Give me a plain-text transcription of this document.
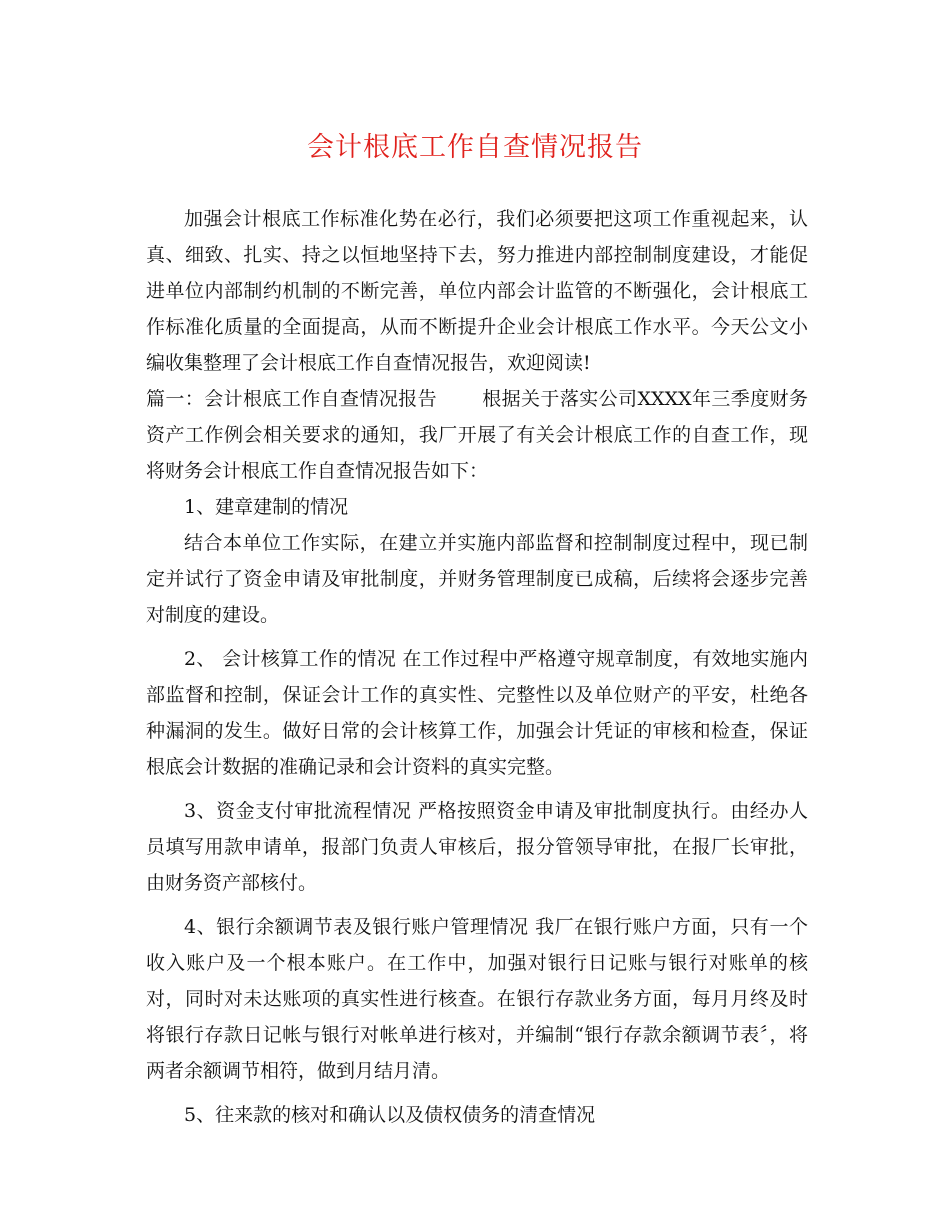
会计根底工作自查情况报告

加强会计根底工作标准化势在必行，我们必须要把这项工作重视起来，认真、细致、扎实、持之以恒地坚持下去，努力推进内部控制制度建设，才能促进单位内部制约机制的不断完善，单位内部会计监管的不断强化，会计根底工作标准化质量的全面提高，从而不断提升企业会计根底工作水平。今天公文小编收集整理了会计根底工作自查情况报告，欢迎阅读!

篇一：会计根底工作自查情况报告 根据关于落实公司XXXX年三季度财务资产工作例会相关要求的通知，我厂开展了有关会计根底工作的自查工作，现将财务会计根底工作自查情况报告如下：

1、建章建制的情况

结合本单位工作实际，在建立并实施内部监督和控制制度过程中，现已制定并试行了资金申请及审批制度，并财务管理制度已成稿，后续将会逐步完善对制度的建设。

2、 会计核算工作的情况 在工作过程中严格遵守规章制度，有效地实施内部监督和控制，保证会计工作的真实性、完整性以及单位财产的平安，杜绝各种漏洞的发生。做好日常的会计核算工作，加强会计凭证的审核和检查，保证根底会计数据的准确记录和会计资料的真实完整。

3、资金支付审批流程情况 严格按照资金申请及审批制度执行。由经办人员填写用款申请单，报部门负责人审核后，报分管领导审批，在报厂长审批，由财务资产部核付。

4、银行余额调节表及银行账户管理情况 我厂在银行账户方面，只有一个收入账户及一个根本账户。在工作中，加强对银行日记账与银行对账单的核对，同时对未达账项的真实性进行核查。在银行存款业务方面，每月月终及时将银行存款日记帐与银行对帐单进行核对，并编制“银行存款余额调节表〞，将两者余额调节相符，做到月结月清。

5、往来款的核对和确认以及债权债务的清查情况
